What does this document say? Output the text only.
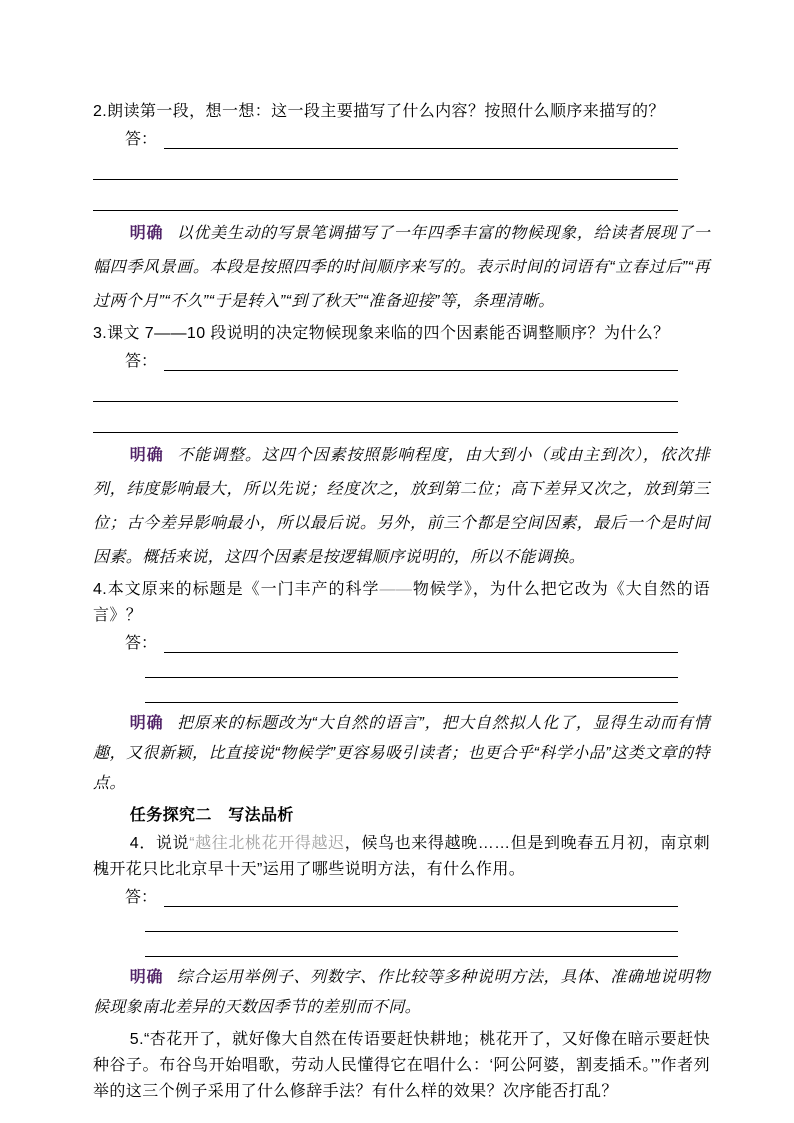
2.朗读第一段，想一想：这一段主要描写了什么内容？按照什么顺序来描写的？

答：

明确 以优美生动的写景笔调描写了一年四季丰富的物候现象，给读者展现了一幅四季风景画。本段是按照四季的时间顺序来写的。表示时间的词语有“立春过后”“再过两个月”“不久”“于是转入”“到了秋天”“准备迎接”等，条理清晰。

3.课文 7——10 段说明的决定物候现象来临的四个因素能否调整顺序？为什么？

答：

明确 不能调整。这四个因素按照影响程度，由大到小（或由主到次），依次排列，纬度影响最大，所以先说；经度次之，放到第二位；高下差异又次之，放到第三位；古今差异影响最小，所以最后说。另外，前三个都是空间因素，最后一个是时间因素。概括来说，这四个因素是按逻辑顺序说明的，所以不能调换。

4.本文原来的标题是《一门丰产的科学——物候学》，为什么把它改为《大自然的语言》？

答：

明确 把原来的标题改为“大自然的语言”，把大自然拟人化了，显得生动而有情趣，又很新颖，比直接说“物候学”更容易吸引读者；也更合乎“科学小品”这类文章的特点。

任务探究二　写法品析

4．说说“越往北桃花开得越迟，候鸟也来得越晚……但是到晚春五月初，南京刺槐开花只比北京早十天”运用了哪些说明方法，有什么作用。

答：

明确 综合运用举例子、列数字、作比较等多种说明方法，具体、准确地说明物候现象南北差异的天数因季节的差别而不同。

5.“杏花开了，就好像大自然在传语要赶快耕地；桃花开了，又好像在暗示要赶快种谷子。布谷鸟开始唱歌，劳动人民懂得它在唱什么：‘阿公阿婆，割麦插禾。’”作者列举的这三个例子采用了什么修辞手法？有什么样的效果？次序能否打乱？
